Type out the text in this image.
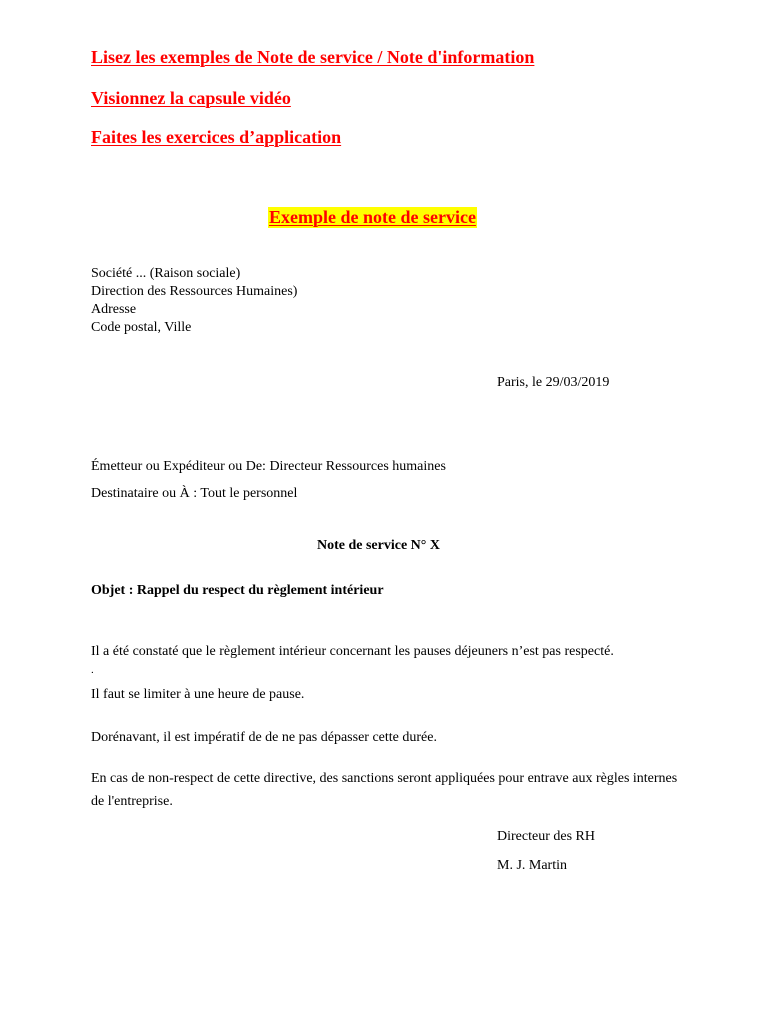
Lisez les exemples de Note de service / Note d'information
Visionnez la capsule vidéo
Faites les exercices d’application
Exemple de note de service
Société ... (Raison sociale)
Direction des Ressources Humaines)
Adresse
Code postal, Ville
Paris, le 29/03/2019
Émetteur ou Expéditeur ou De: Directeur Ressources humaines
Destinataire ou À : Tout le personnel
Note de service N° X
Objet : Rappel du respect du règlement intérieur
Il a été constaté que le règlement intérieur concernant les pauses déjeuners n’est pas respecté.
.
Il faut se limiter à une heure de pause.
Dorénavant, il est impératif de de ne pas dépasser cette durée.
En cas de non-respect de cette directive, des sanctions seront appliquées pour entrave aux règles internes de l'entreprise.
Directeur des RH
M. J. Martin
